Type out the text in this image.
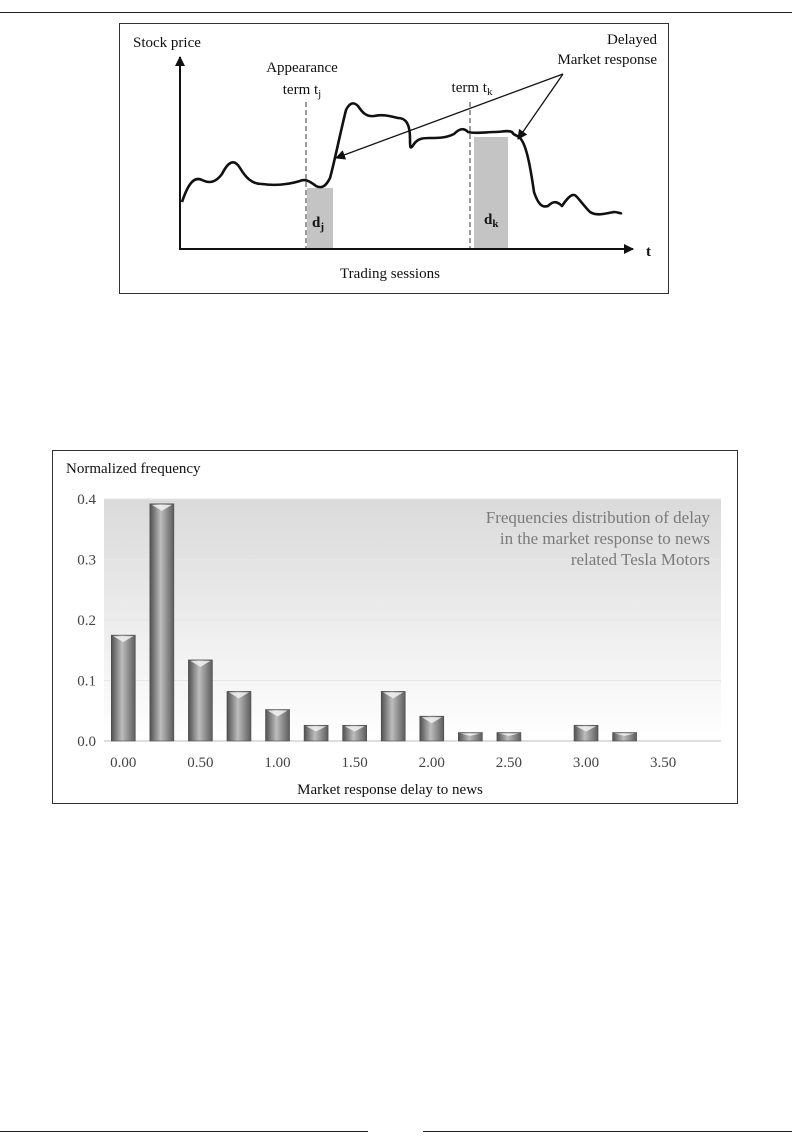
Stock price
Appearance
term $t_j$	term $t_k$
Delayed
Market response
$d_j$	$d_k$
t
Trading sessions
0.0
0.1
0.2
0.3
0.4
0.00	0.50	1.00	1.50	2.00	2.50	3.00	3.50
Normalized frequency
Market response delay to news
Frequencies distribution of delay
in the market response to news
related Tesla Motors
